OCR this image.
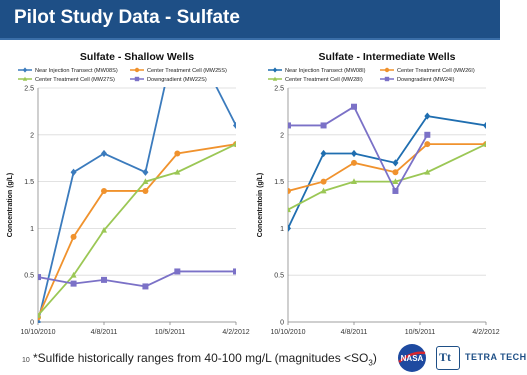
Pilot Study Data - Sulfate
Sulfate - Shallow Wells
Near Injection Transect (MW08S)	Center Treatment Cell (MW25S)
Center Treatment Cell (MW27S)	Downgradient (MW22S)
0
0.5
1
1.5
2
2.5
10/10/2010	4/8/2011	10/5/2011	4/2/2012
Concentration (g/L)
Sulfate - Intermediate Wells
Near Injection Transect (MW08I)	Center Treatment Cell (MW26I)
Center Treatment Cell (MW28I)	Downgradient (MW24I)
0
0.5
1
1.5
2
2.5
10/10/2010	4/8/2011	10/5/2011	4/2/2012
Concentratoin (g/L)
10 *Sulfide historically ranges from 40-100 mg/L (magnitudes $<SO_3$)	NASA Tt TETRA TECH
